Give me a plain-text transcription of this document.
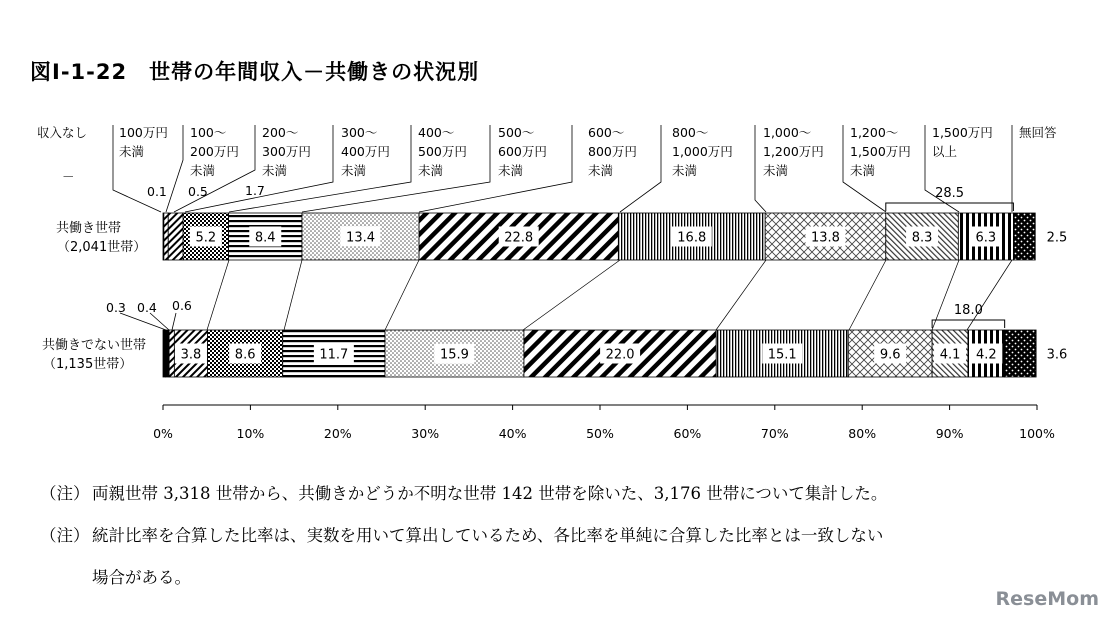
図Ⅰ-1-22　世帯の年間収入－共働きの状況別
収入なし
－
100万円
未満
100～
200万円
未満
200～
300万円
未満
300～
400万円
未満
400～
500万円
未満
500～
600万円
未満
600～
800万円
未満
800～
1,000万円
未満
1,000～
1,200万円
未満
1,200～
1,500万円
未満
1,500万円
以上
無回答
0.1 0.5	1.7
0.3 0.4 0.6
共働き世帯
（2,041世帯）
共働きでない世帯
（1,135世帯）
5.2	8.4	13.4	22.8	16.8	13.8	8.3	6.3	2.5
28.5
3.8	8.6	11.7	15.9	22.0	15.1	9.6	4.1 4.2	3.6
18.0
0%	10%	20%	30%	40%	50%	60%	70%	80%	90%	100%
（注） 両親世帯 3,318 世帯から、共働きかどうか不明な世帯 142 世帯を除いた、3,176 世帯について集計した。
（注） 統計比率を合算した比率は、実数を用いて算出しているため、各比率を単純に合算した比率とは一致しない
場合がある。
ReseMom
